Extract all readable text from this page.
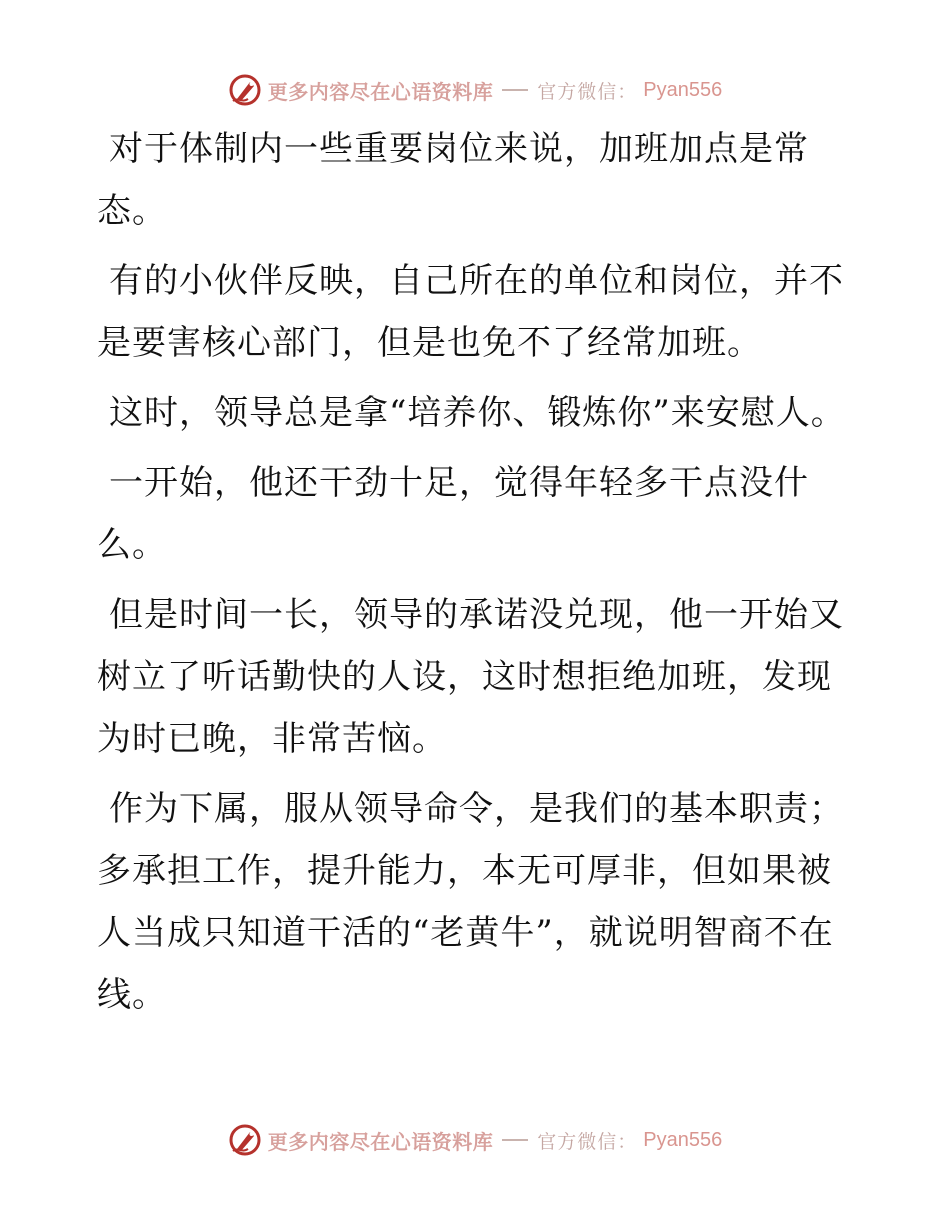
更多内容尽在心语资料库 官方微信： Pyan556

对于体制内一些重要岗位来说，加班加点是常态。

有的小伙伴反映，自己所在的单位和岗位，并不是要害核心部门，但是也免不了经常加班。

这时，领导总是拿“培养你、锻炼你”来安慰人。

一开始，他还干劲十足，觉得年轻多干点没什么。

但是时间一长，领导的承诺没兑现，他一开始又树立了听话勤快的人设，这时想拒绝加班，发现为时已晚，非常苦恼。

作为下属，服从领导命令，是我们的基本职责；多承担工作，提升能力，本无可厚非，但如果被人当成只知道干活的“老黄牛”，就说明智商不在线。

更多内容尽在心语资料库 官方微信： Pyan556
